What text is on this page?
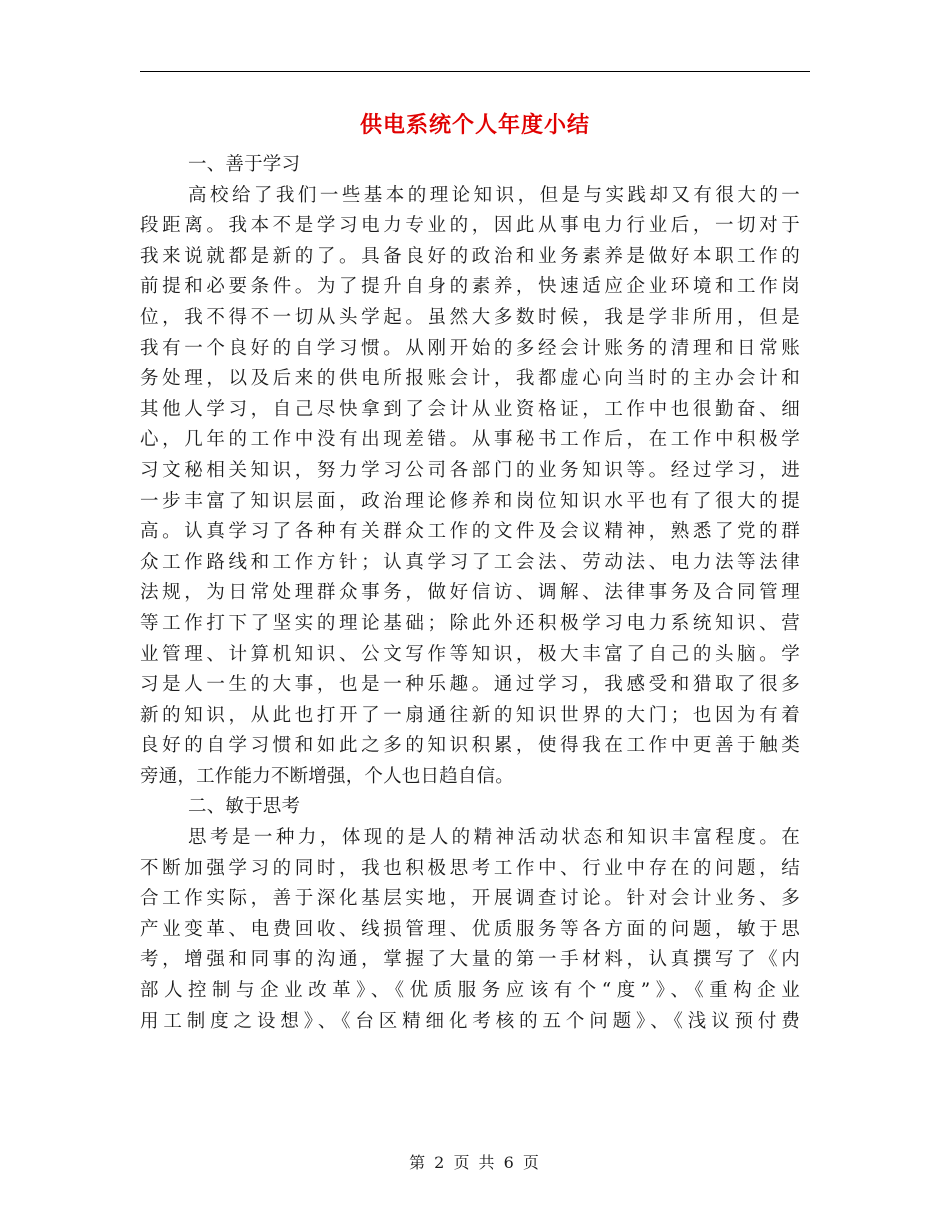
供电系统个人年度小结
一、善于学习
高校给了我们一些基本的理论知识，但是与实践却又有很大的一
段距离。我本不是学习电力专业的，因此从事电力行业后，一切对于
我来说就都是新的了。具备良好的政治和业务素养是做好本职工作的
前提和必要条件。为了提升自身的素养，快速适应企业环境和工作岗
位，我不得不一切从头学起。虽然大多数时候，我是学非所用，但是
我有一个良好的自学习惯。从刚开始的多经会计账务的清理和日常账
务处理，以及后来的供电所报账会计，我都虚心向当时的主办会计和
其他人学习，自己尽快拿到了会计从业资格证，工作中也很勤奋、细
心，几年的工作中没有出现差错。从事秘书工作后，在工作中积极学
习文秘相关知识，努力学习公司各部门的业务知识等。经过学习，进
一步丰富了知识层面，政治理论修养和岗位知识水平也有了很大的提
高。认真学习了各种有关群众工作的文件及会议精神，熟悉了党的群
众工作路线和工作方针；认真学习了工会法、劳动法、电力法等法律
法规，为日常处理群众事务，做好信访、调解、法律事务及合同管理
等工作打下了坚实的理论基础；除此外还积极学习电力系统知识、营
业管理、计算机知识、公文写作等知识，极大丰富了自己的头脑。学
习是人一生的大事，也是一种乐趣。通过学习，我感受和猎取了很多
新的知识，从此也打开了一扇通往新的知识世界的大门；也因为有着
良好的自学习惯和如此之多的知识积累，使得我在工作中更善于触类
旁通，工作能力不断增强，个人也日趋自信。
二、敏于思考
思考是一种力，体现的是人的精神活动状态和知识丰富程度。在
不断加强学习的同时，我也积极思考工作中、行业中存在的问题，结
合工作实际，善于深化基层实地，开展调查讨论。针对会计业务、多
产业变革、电费回收、线损管理、优质服务等各方面的问题，敏于思
考，增强和同事的沟通，掌握了大量的第一手材料，认真撰写了《内
部人控制与企业改革》、《优质服务应该有个“度”》、《重构企业
用工制度之设想》、《台区精细化考核的五个问题》、《浅议预付费
第 2 页 共 6 页
